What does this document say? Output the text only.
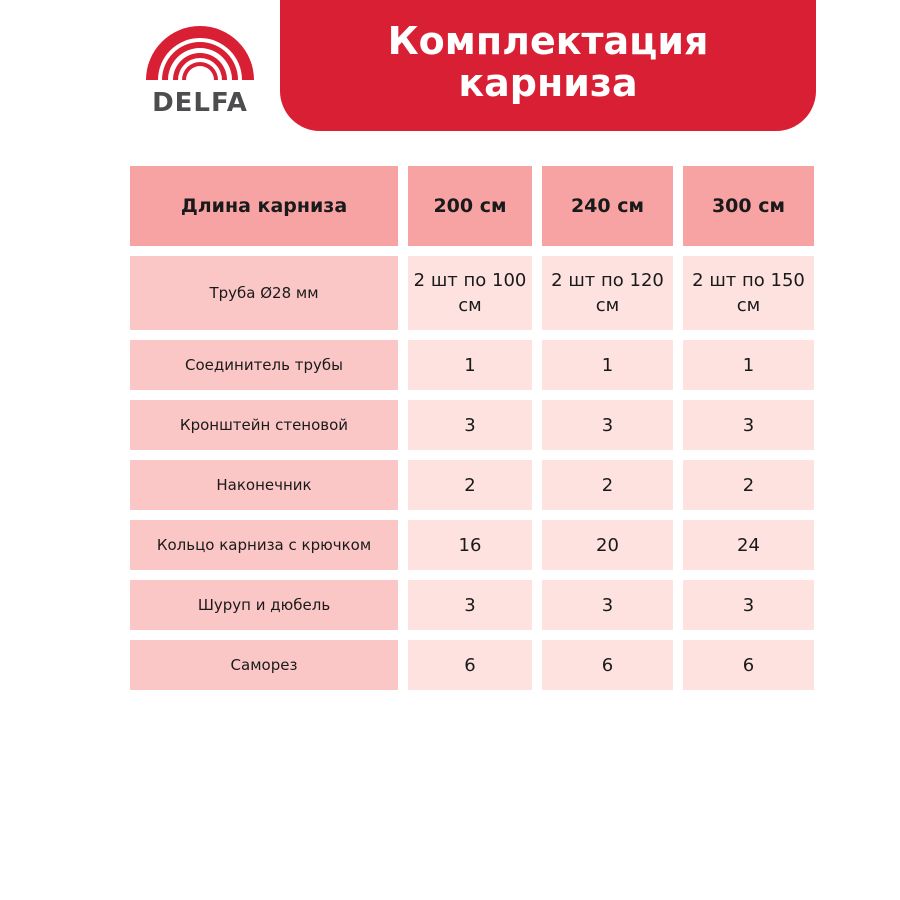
DELFA
Комплектация
карниза
Длина карниза	200 см	240 см	300 см
Труба Ø28 мм	2 шт по 100 см	2 шт по 120 см	2 шт по 150 см
Соединитель трубы	1	1	1
Кронштейн стеновой	3	3	3
Наконечник	2	2	2
Кольцо карниза с крючком	16	20	24
Шуруп и дюбель	3	3	3
Саморез	6	6	6
